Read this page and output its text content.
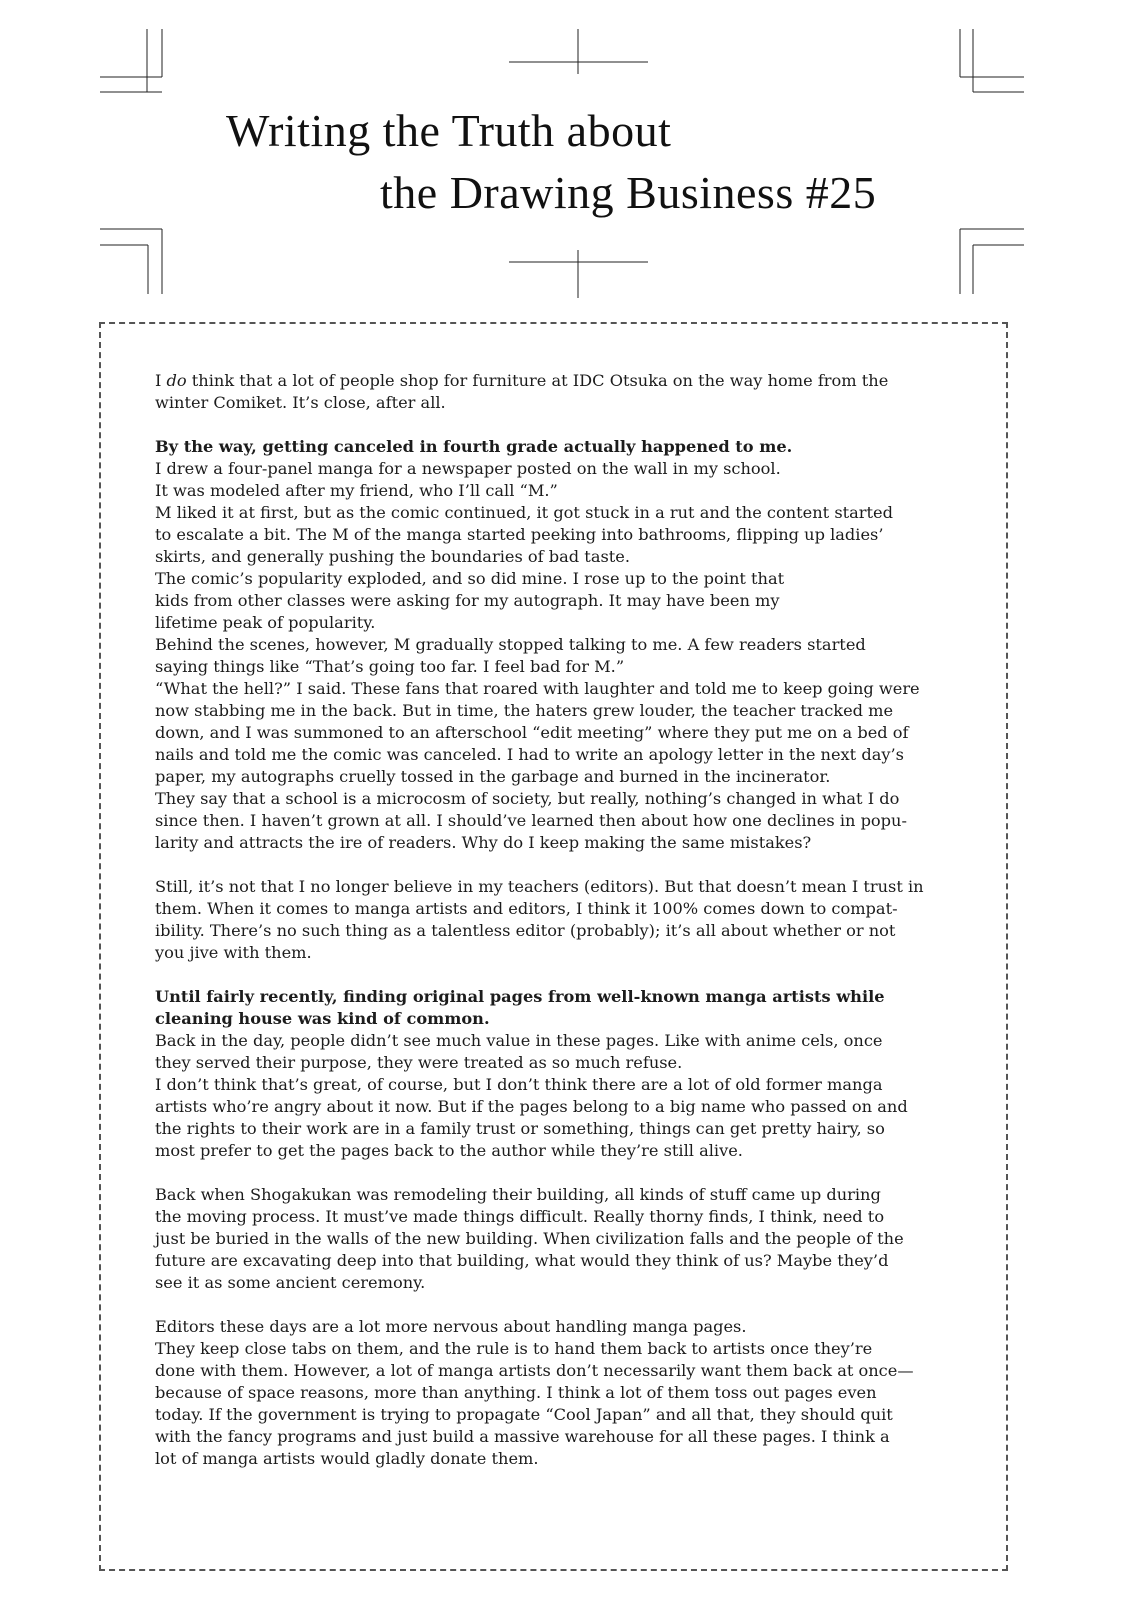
Writing the Truth about
the Drawing Business #25
I do think that a lot of people shop for furniture at IDC Otsuka on the way home from the
winter Comiket. It’s close, after all.
By the way, getting canceled in fourth grade actually happened to me.
I drew a four-panel manga for a newspaper posted on the wall in my school.
It was modeled after my friend, who I’ll call “M.”
M liked it at first, but as the comic continued, it got stuck in a rut and the content started
to escalate a bit. The M of the manga started peeking into bathrooms, flipping up ladies’
skirts, and generally pushing the boundaries of bad taste.
The comic’s popularity exploded, and so did mine. I rose up to the point that
kids from other classes were asking for my autograph. It may have been my
lifetime peak of popularity.
Behind the scenes, however, M gradually stopped talking to me. A few readers started
saying things like “That’s going too far. I feel bad for M.”
“What the hell?” I said. These fans that roared with laughter and told me to keep going were
now stabbing me in the back. But in time, the haters grew louder, the teacher tracked me
down, and I was summoned to an afterschool “edit meeting” where they put me on a bed of
nails and told me the comic was canceled. I had to write an apology letter in the next day’s
paper, my autographs cruelly tossed in the garbage and burned in the incinerator.
They say that a school is a microcosm of society, but really, nothing’s changed in what I do
since then. I haven’t grown at all. I should’ve learned then about how one declines in popu-
larity and attracts the ire of readers. Why do I keep making the same mistakes?
Still, it’s not that I no longer believe in my teachers (editors). But that doesn’t mean I trust in
them. When it comes to manga artists and editors, I think it 100% comes down to compat-
ibility. There’s no such thing as a talentless editor (probably); it’s all about whether or not
you jive with them.
Until fairly recently, finding original pages from well-known manga artists while
cleaning house was kind of common.
Back in the day, people didn’t see much value in these pages. Like with anime cels, once
they served their purpose, they were treated as so much refuse.
I don’t think that’s great, of course, but I don’t think there are a lot of old former manga
artists who’re angry about it now. But if the pages belong to a big name who passed on and
the rights to their work are in a family trust or something, things can get pretty hairy, so
most prefer to get the pages back to the author while they’re still alive.
Back when Shogakukan was remodeling their building, all kinds of stuff came up during
the moving process. It must’ve made things difficult. Really thorny finds, I think, need to
just be buried in the walls of the new building. When civilization falls and the people of the
future are excavating deep into that building, what would they think of us? Maybe they’d
see it as some ancient ceremony.
Editors these days are a lot more nervous about handling manga pages.
They keep close tabs on them, and the rule is to hand them back to artists once they’re
done with them. However, a lot of manga artists don’t necessarily want them back at once—
because of space reasons, more than anything. I think a lot of them toss out pages even
today. If the government is trying to propagate “Cool Japan” and all that, they should quit
with the fancy programs and just build a massive warehouse for all these pages. I think a
lot of manga artists would gladly donate them.
